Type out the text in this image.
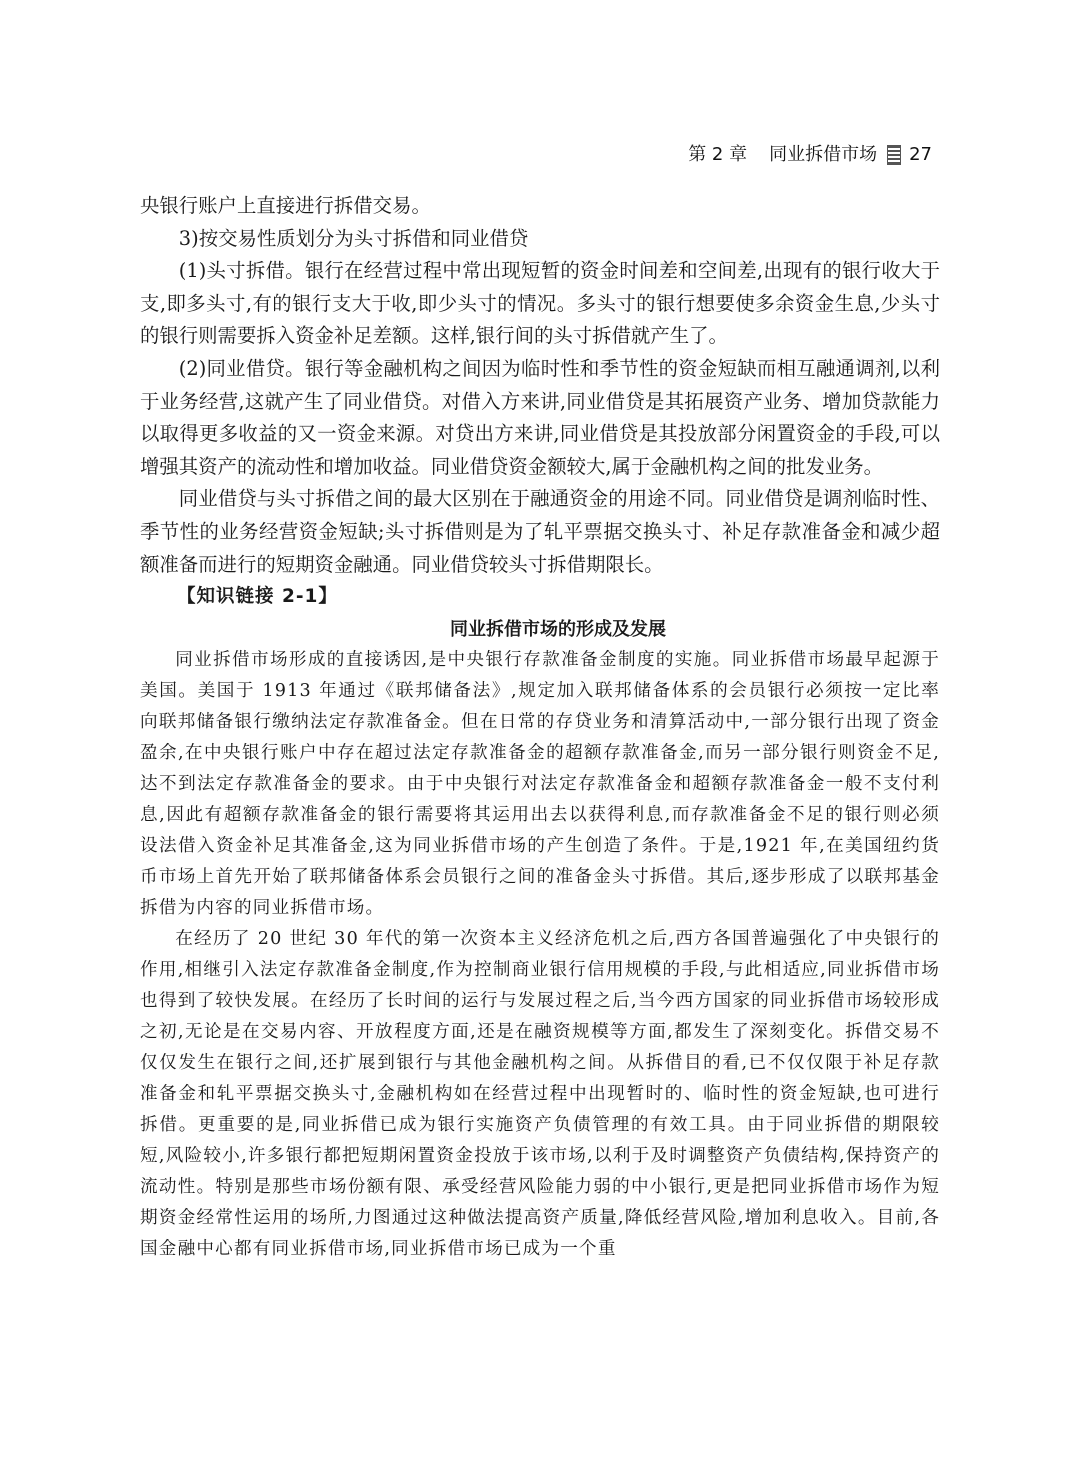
第 2 章 同业拆借市场 27

央银行账户上直接进行拆借交易。

3)按交易性质划分为头寸拆借和同业借贷

(1)头寸拆借。银行在经营过程中常出现短暂的资金时间差和空间差,出现有的银行收大于支,即多头寸,有的银行支大于收,即少头寸的情况。多头寸的银行想要使多余资金生息,少头寸的银行则需要拆入资金补足差额。这样,银行间的头寸拆借就产生了。

(2)同业借贷。银行等金融机构之间因为临时性和季节性的资金短缺而相互融通调剂,以利于业务经营,这就产生了同业借贷。对借入方来讲,同业借贷是其拓展资产业务、增加贷款能力以取得更多收益的又一资金来源。对贷出方来讲,同业借贷是其投放部分闲置资金的手段,可以增强其资产的流动性和增加收益。同业借贷资金额较大,属于金融机构之间的批发业务。

同业借贷与头寸拆借之间的最大区别在于融通资金的用途不同。同业借贷是调剂临时性、季节性的业务经营资金短缺;头寸拆借则是为了轧平票据交换头寸、补足存款准备金和减少超额准备而进行的短期资金融通。同业借贷较头寸拆借期限长。

【知识链接 2-1】

同业拆借市场的形成及发展

同业拆借市场形成的直接诱因,是中央银行存款准备金制度的实施。同业拆借市场最早起源于美国。美国于 1913 年通过《联邦储备法》,规定加入联邦储备体系的会员银行必须按一定比率向联邦储备银行缴纳法定存款准备金。但在日常的存贷业务和清算活动中,一部分银行出现了资金盈余,在中央银行账户中存在超过法定存款准备金的超额存款准备金,而另一部分银行则资金不足,达不到法定存款准备金的要求。由于中央银行对法定存款准备金和超额存款准备金一般不支付利息,因此有超额存款准备金的银行需要将其运用出去以获得利息,而存款准备金不足的银行则必须设法借入资金补足其准备金,这为同业拆借市场的产生创造了条件。于是,1921 年,在美国纽约货币市场上首先开始了联邦储备体系会员银行之间的准备金头寸拆借。其后,逐步形成了以联邦基金拆借为内容的同业拆借市场。

在经历了 20 世纪 30 年代的第一次资本主义经济危机之后,西方各国普遍强化了中央银行的作用,相继引入法定存款准备金制度,作为控制商业银行信用规模的手段,与此相适应,同业拆借市场也得到了较快发展。在经历了长时间的运行与发展过程之后,当今西方国家的同业拆借市场较形成之初,无论是在交易内容、开放程度方面,还是在融资规模等方面,都发生了深刻变化。拆借交易不仅仅发生在银行之间,还扩展到银行与其他金融机构之间。从拆借目的看,已不仅仅限于补足存款准备金和轧平票据交换头寸,金融机构如在经营过程中出现暂时的、临时性的资金短缺,也可进行拆借。更重要的是,同业拆借已成为银行实施资产负债管理的有效工具。由于同业拆借的期限较短,风险较小,许多银行都把短期闲置资金投放于该市场,以利于及时调整资产负债结构,保持资产的流动性。特别是那些市场份额有限、承受经营风险能力弱的中小银行,更是把同业拆借市场作为短期资金经常性运用的场所,力图通过这种做法提高资产质量,降低经营风险,增加利息收入。目前,各国金融中心都有同业拆借市场,同业拆借市场已成为一个重
